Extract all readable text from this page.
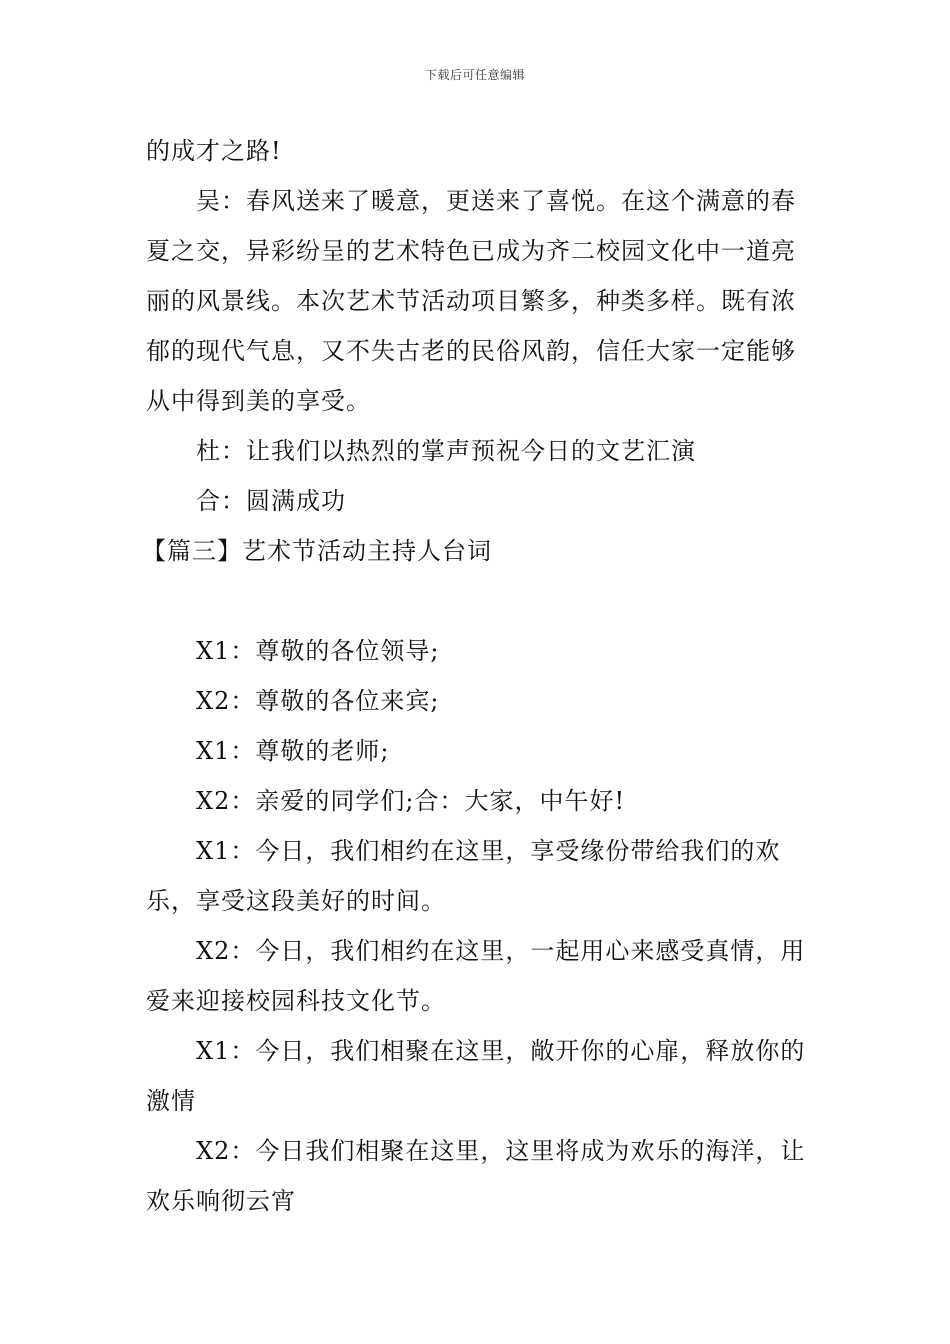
下载后可任意编辑

的成才之路!

吴：春风送来了暖意，更送来了喜悦。在这个满意的春夏之交，异彩纷呈的艺术特色已成为齐二校园文化中一道亮丽的风景线。本次艺术节活动项目繁多，种类多样。既有浓郁的现代气息，又不失古老的民俗风韵，信任大家一定能够从中得到美的享受。

杜：让我们以热烈的掌声预祝今日的文艺汇演

合：圆满成功

【篇三】艺术节活动主持人台词

X1：尊敬的各位领导;

X2：尊敬的各位来宾;

X1：尊敬的老师;

X2：亲爱的同学们;合：大家，中午好!

X1：今日，我们相约在这里，享受缘份带给我们的欢乐，享受这段美好的时间。

X2：今日，我们相约在这里，一起用心来感受真情，用爱来迎接校园科技文化节。

X1：今日，我们相聚在这里，敞开你的心扉，释放你的激情

X2：今日我们相聚在这里，这里将成为欢乐的海洋，让欢乐响彻云宵
